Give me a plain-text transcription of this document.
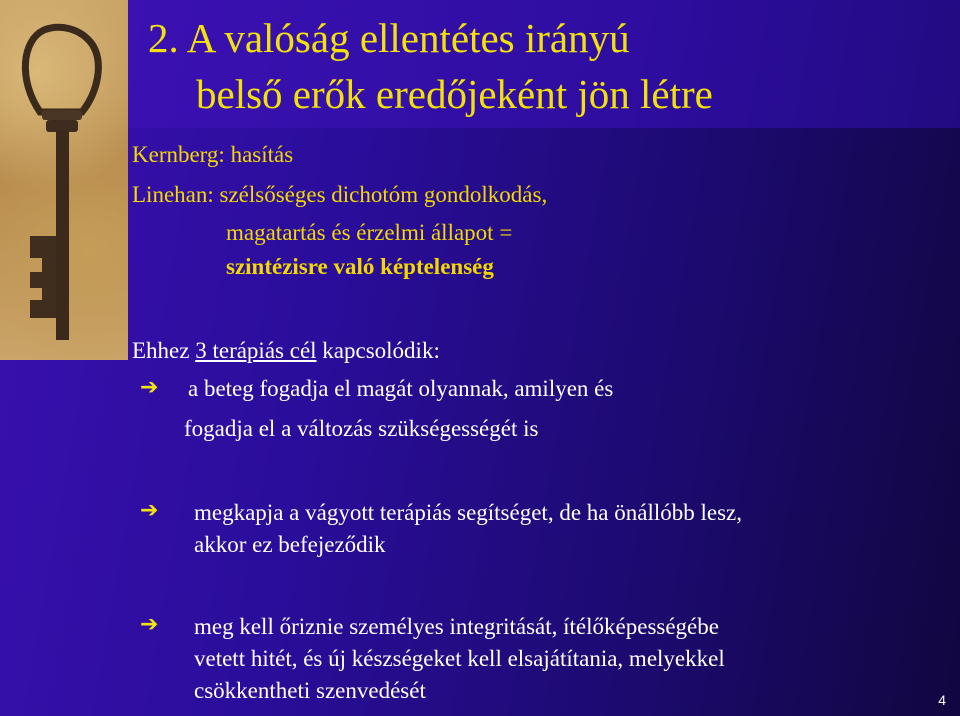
2. A valóság ellentétes irányú
belső erők eredőjeként jön létre
Kernberg: hasítás
Linehan: szélsőséges dichotóm gondolkodás,
magatartás és érzelmi állapot =
szintézisre való képtelenség
Ehhez 3 terápiás cél kapcsolódik:
➔ a beteg fogadja el magát olyannak, amilyen és
fogadja el a változás szükségességét is
➔ megkapja a vágyott terápiás segítséget, de ha önállóbb lesz,
akkor ez befejeződik
➔ meg kell őriznie személyes integritását, ítélőképességébe
vetett hitét, és új készségeket kell elsajátítania, melyekkel
csökkentheti szenvedését	4
